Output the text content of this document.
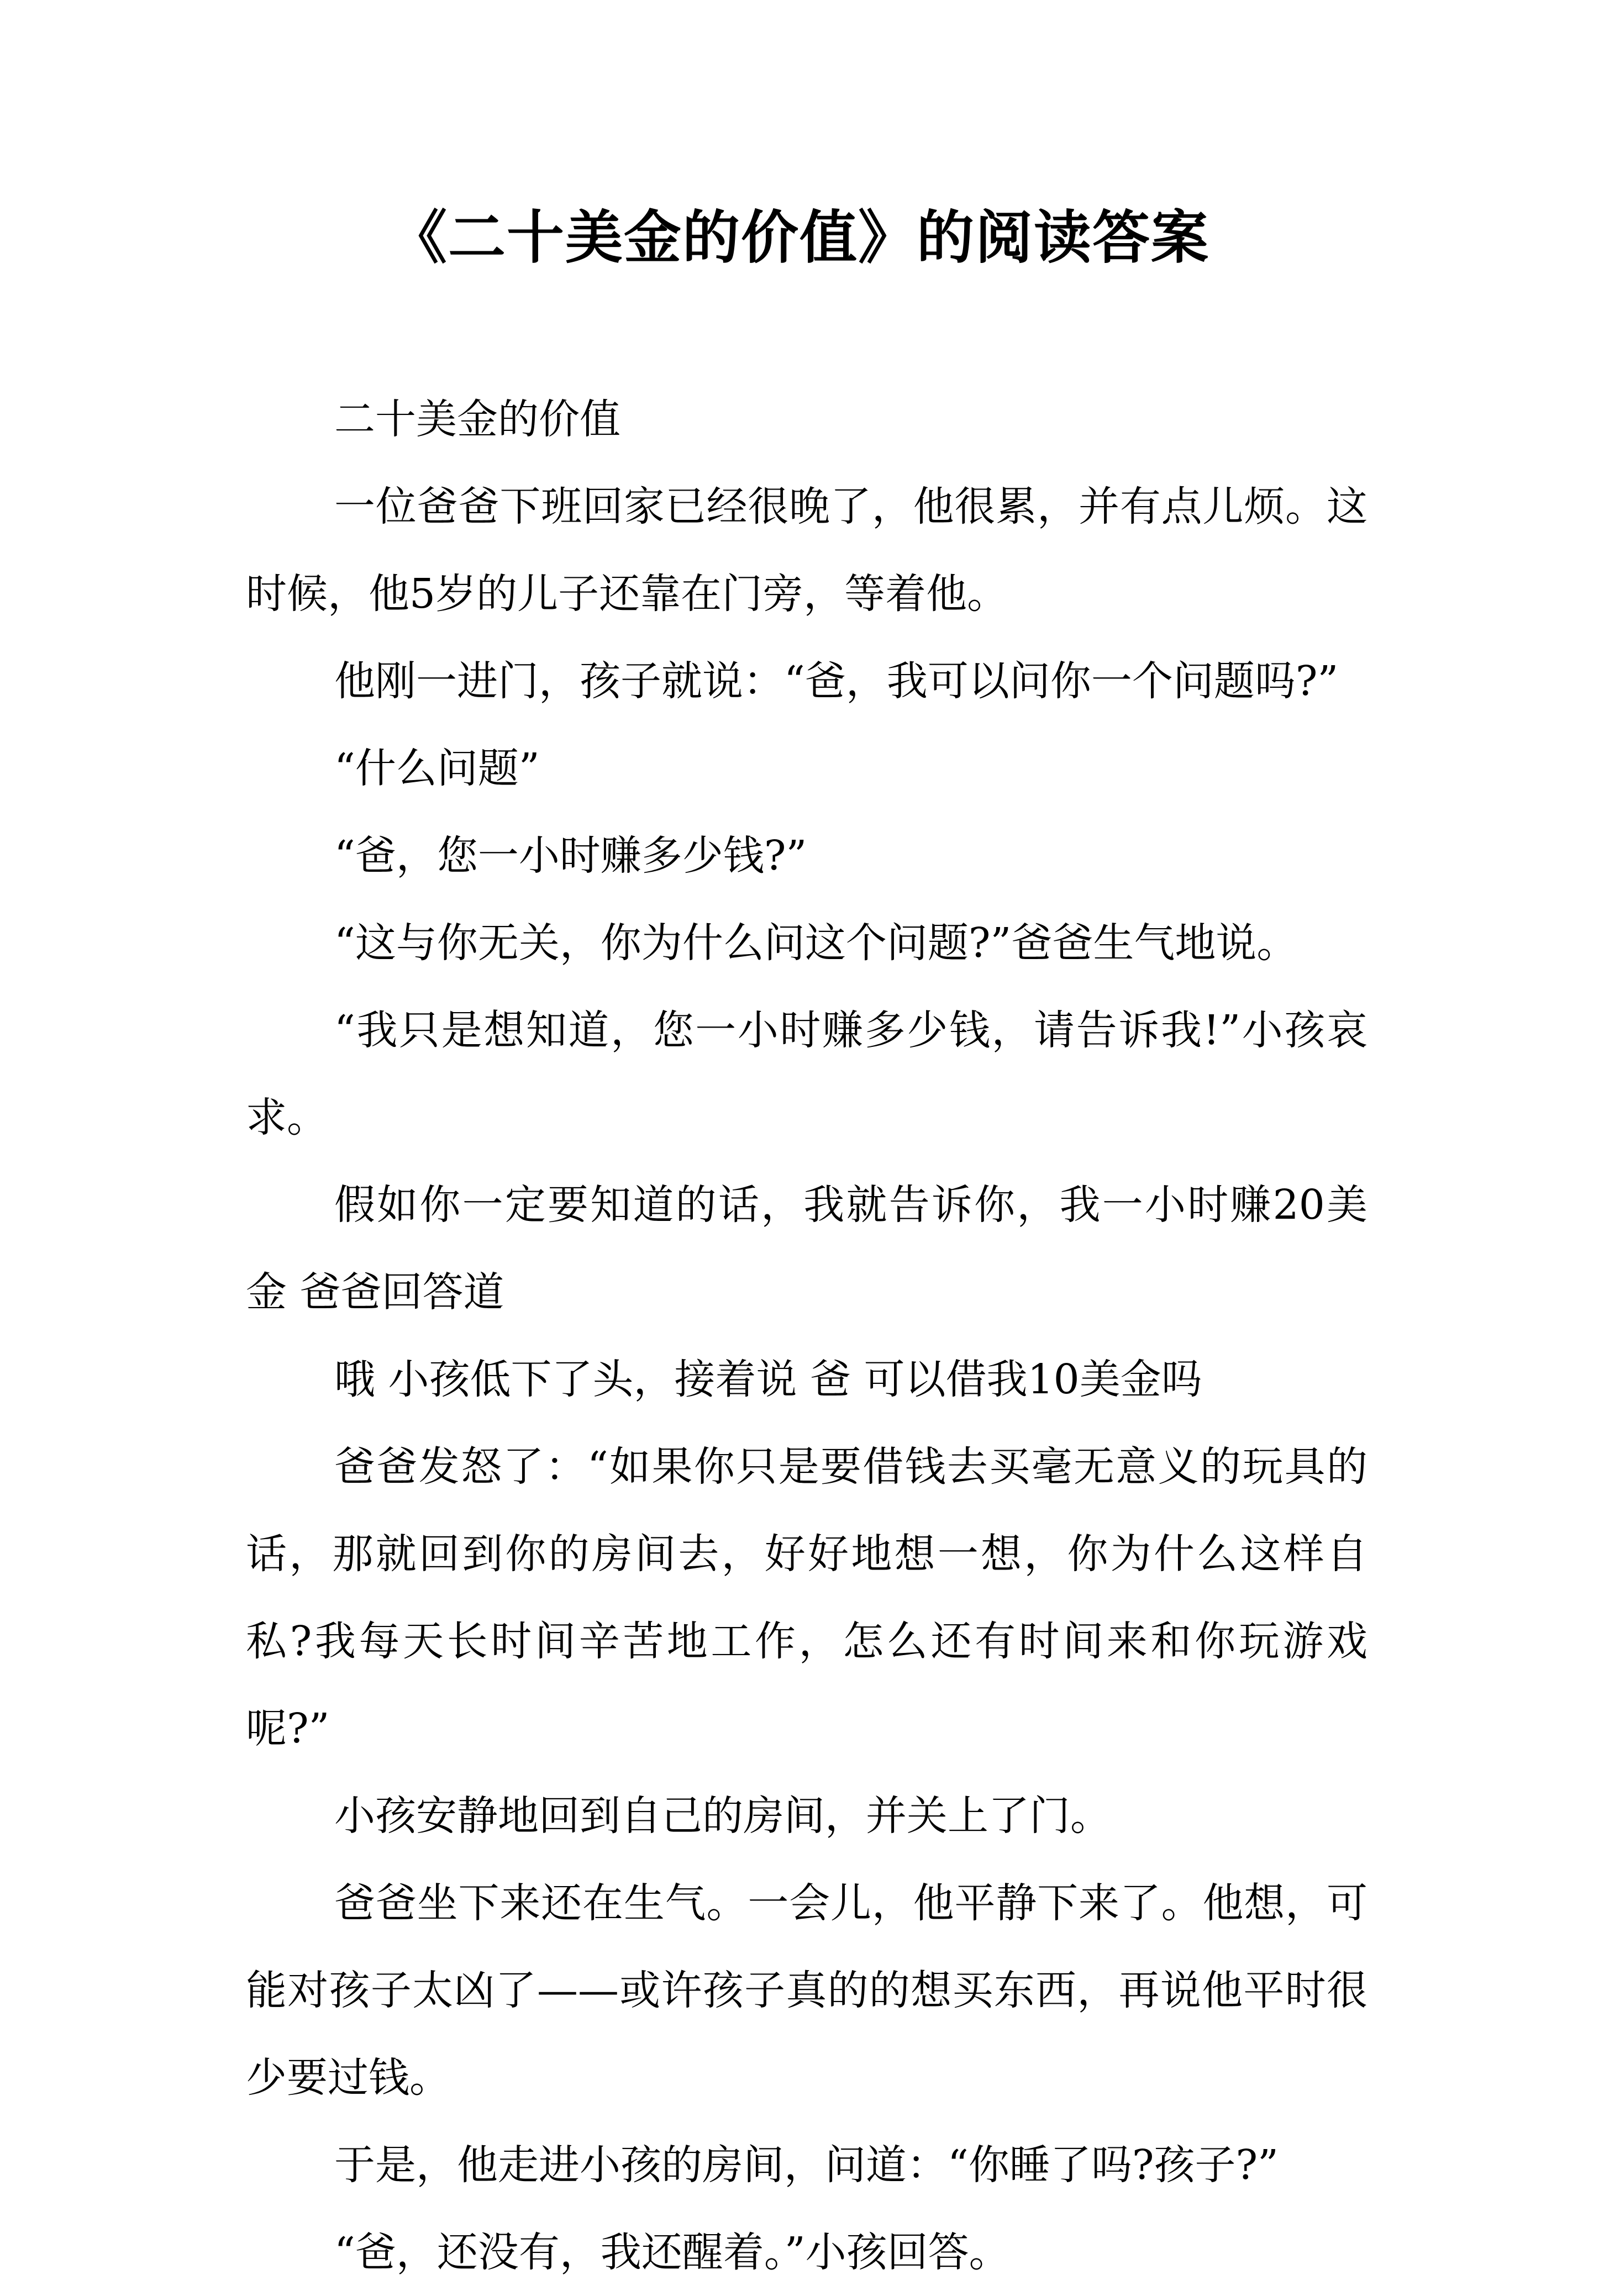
《二十美金的价值》的阅读答案

二十美金的价值

一位爸爸下班回家已经很晚了，他很累，并有点儿烦。这时候，他5岁的儿子还靠在门旁，等着他。

他刚一进门，孩子就说：“爸，我可以问你一个问题吗?”

“什么问题”

“爸，您一小时赚多少钱?”

“这与你无关，你为什么问这个问题?”爸爸生气地说。

“我只是想知道，您一小时赚多少钱，请告诉我!”小孩哀求。

假如你一定要知道的话，我就告诉你，我一小时赚20美金 爸爸回答道

哦 小孩低下了头，接着说 爸 可以借我10美金吗

爸爸发怒了：“如果你只是要借钱去买毫无意义的玩具的话，那就回到你的房间去，好好地想一想，你为什么这样自私?我每天长时间辛苦地工作，怎么还有时间来和你玩游戏呢?”

小孩安静地回到自己的房间，并关上了门。

爸爸坐下来还在生气。一会儿，他平静下来了。他想，可能对孩子太凶了——或许孩子真的的想买东西，再说他平时很少要过钱。

于是，他走进小孩的房间，问道：“你睡了吗?孩子?”

“爸，还没有，我还醒着。”小孩回答。
